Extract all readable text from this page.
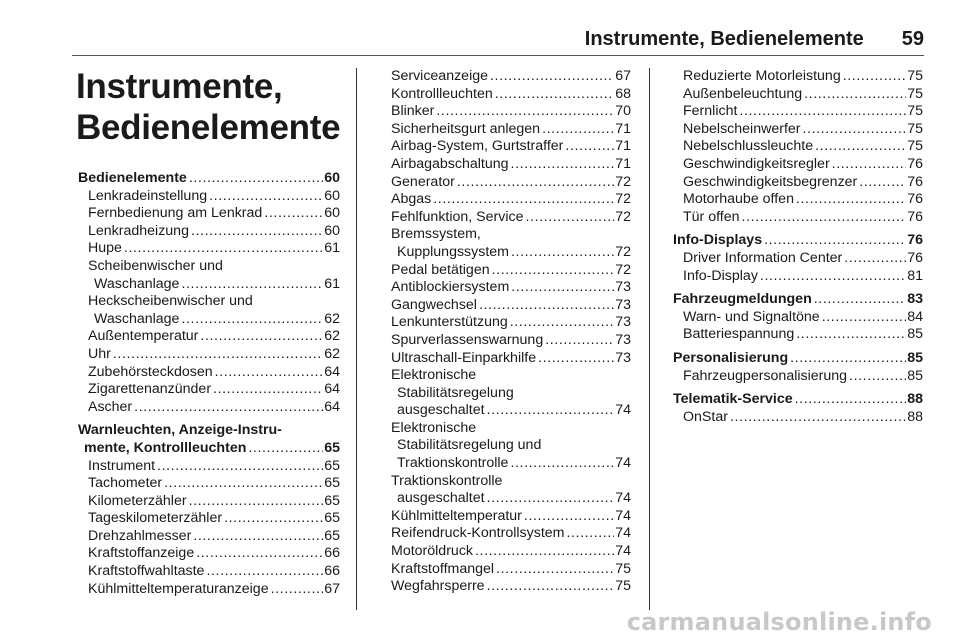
Instrumente, Bedienelemente 59
Instrumente,
Bedienelemente
Bedienelemente .....	60
Lenkradeinstellung .....	60
Fernbedienung am Lenkrad .....	60
Lenkradheizung .....	60
Hupe .....	61
Scheibenwischer und
Waschanlage .....	61
Heckscheibenwischer und
Waschanlage .....	62
Außentemperatur .....	62
Uhr .....	62
Zubehörsteckdosen .....	64
Zigarettenanzünder .....	64
Ascher .....	64
Warnleuchten, Anzeige-Instru-
mente, Kontrollleuchten .....	65
Instrument .....	65
Tachometer .....	65
Kilometerzähler .....	65
Tageskilometerzähler .....	65
Drehzahlmesser .....	65
Kraftstoffanzeige .....	66
Kraftstoffwahltaste .....	66
Kühlmitteltemperaturanzeige .....	67
Serviceanzeige .....	67
Kontrollleuchten .....	68
Blinker .....	70
Sicherheitsgurt anlegen .....	71
Airbag-System, Gurtstraffer .....	71
Airbagabschaltung .....	71
Generator .....	72
Abgas .....	72
Fehlfunktion, Service .....	72
Bremssystem,
Kupplungssystem .....	72
Pedal betätigen .....	72
Antiblockiersystem .....	73
Gangwechsel .....	73
Lenkunterstützung .....	73
Spurverlassenswarnung .....	73
Ultraschall-Einparkhilfe .....	73
Elektronische
Stabilitätsregelung
ausgeschaltet .....	74
Elektronische
Stabilitätsregelung und
Traktionskontrolle .....	74
Traktionskontrolle
ausgeschaltet .....	74
Kühlmitteltemperatur .....	74
Reifendruck-Kontrollsystem .....	74
Motoröldruck .....	74
Kraftstoffmangel .....	75
Wegfahrsperre .....	75
Reduzierte Motorleistung .....	75
Außenbeleuchtung .....	75
Fernlicht .....	75
Nebelscheinwerfer .....	75
Nebelschlussleuchte .....	75
Geschwindigkeitsregler .....	76
Geschwindigkeitsbegrenzer .....	76
Motorhaube offen .....	76
Tür offen .....	76
Info-Displays .....	76
Driver Information Center .....	76
Info-Display .....	81
Fahrzeugmeldungen .....	83
Warn- und Signaltöne .....	84
Batteriespannung .....	85
Personalisierung .....	85
Fahrzeugpersonalisierung .....	85
Telematik-Service .....	88
OnStar .....	88
carmanualsonline.info
